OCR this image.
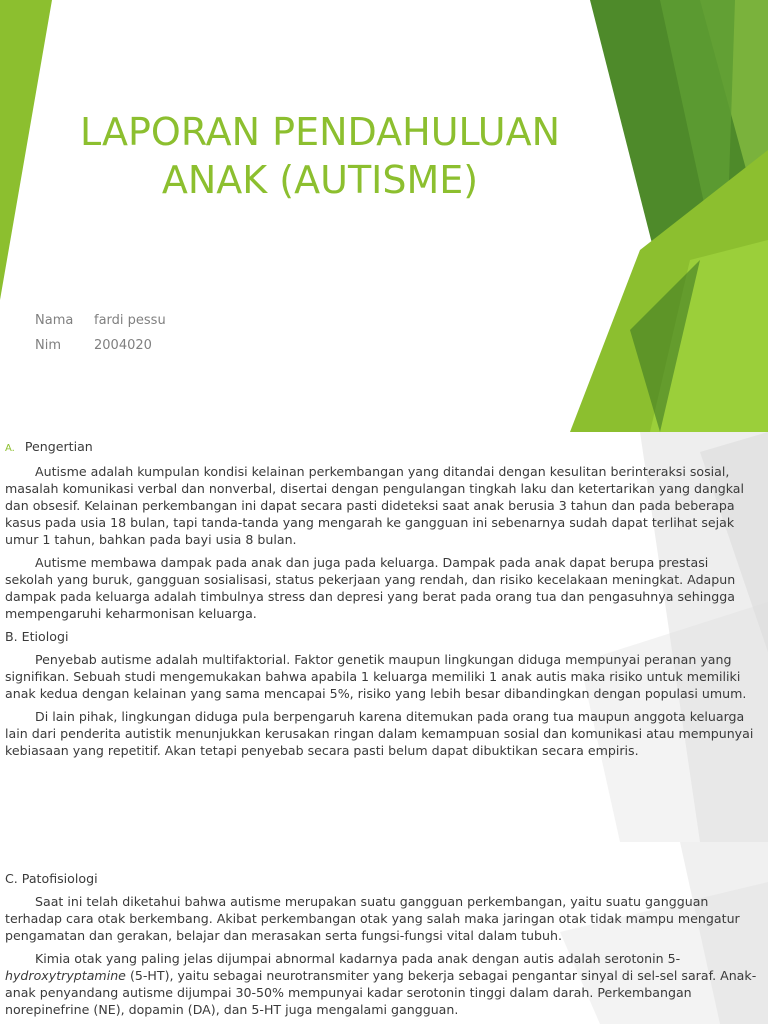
LAPORAN PENDAHULUAN
ANAK (AUTISME)
Nama fardi pessu
Nim	2004020
A. Pengertian

Autisme adalah kumpulan kondisi kelainan perkembangan yang ditandai dengan kesulitan berinteraksi sosial, masalah komunikasi verbal dan nonverbal, disertai dengan pengulangan tingkah laku dan ketertarikan yang dangkal dan obsesif. Kelainan perkembangan ini dapat secara pasti dideteksi saat anak berusia 3 tahun dan pada beberapa kasus pada usia 18 bulan, tapi tanda-tanda yang mengarah ke gangguan ini sebenarnya sudah dapat terlihat sejak umur 1 tahun, bahkan pada bayi usia 8 bulan.

Autisme membawa dampak pada anak dan juga pada keluarga. Dampak pada anak dapat berupa prestasi sekolah yang buruk, gangguan sosialisasi, status pekerjaan yang rendah, dan risiko kecelakaan meningkat. Adapun dampak pada keluarga adalah timbulnya stress dan depresi yang berat pada orang tua dan pengasuhnya sehingga mempengaruhi keharmonisan keluarga.

B. Etiologi

Penyebab autisme adalah multifaktorial. Faktor genetik maupun lingkungan diduga mempunyai peranan yang signifikan. Sebuah studi mengemukakan bahwa apabila 1 keluarga memiliki 1 anak autis maka risiko untuk memiliki anak kedua dengan kelainan yang sama mencapai 5%, risiko yang lebih besar dibandingkan dengan populasi umum.

Di lain pihak, lingkungan diduga pula berpengaruh karena ditemukan pada orang tua maupun anggota keluarga lain dari penderita autistik menunjukkan kerusakan ringan dalam kemampuan sosial dan komunikasi atau mempunyai kebiasaan yang repetitif. Akan tetapi penyebab secara pasti belum dapat dibuktikan secara empiris.

C. Patofisiologi

Saat ini telah diketahui bahwa autisme merupakan suatu gangguan perkembangan, yaitu suatu gangguan terhadap cara otak berkembang. Akibat perkembangan otak yang salah maka jaringan otak tidak mampu mengatur pengamatan dan gerakan, belajar dan merasakan serta fungsi-fungsi vital dalam tubuh.

Kimia otak yang paling jelas dijumpai abnormal kadarnya pada anak dengan autis adalah serotonin 5-hydroxytryptamine (5-HT), yaitu sebagai neurotransmiter yang bekerja sebagai pengantar sinyal di sel-sel saraf. Anak-anak penyandang autisme dijumpai 30-50% mempunyai kadar serotonin tinggi dalam darah. Perkembangan norepinefrine (NE), dopamin (DA), dan 5-HT juga mengalami gangguan.
